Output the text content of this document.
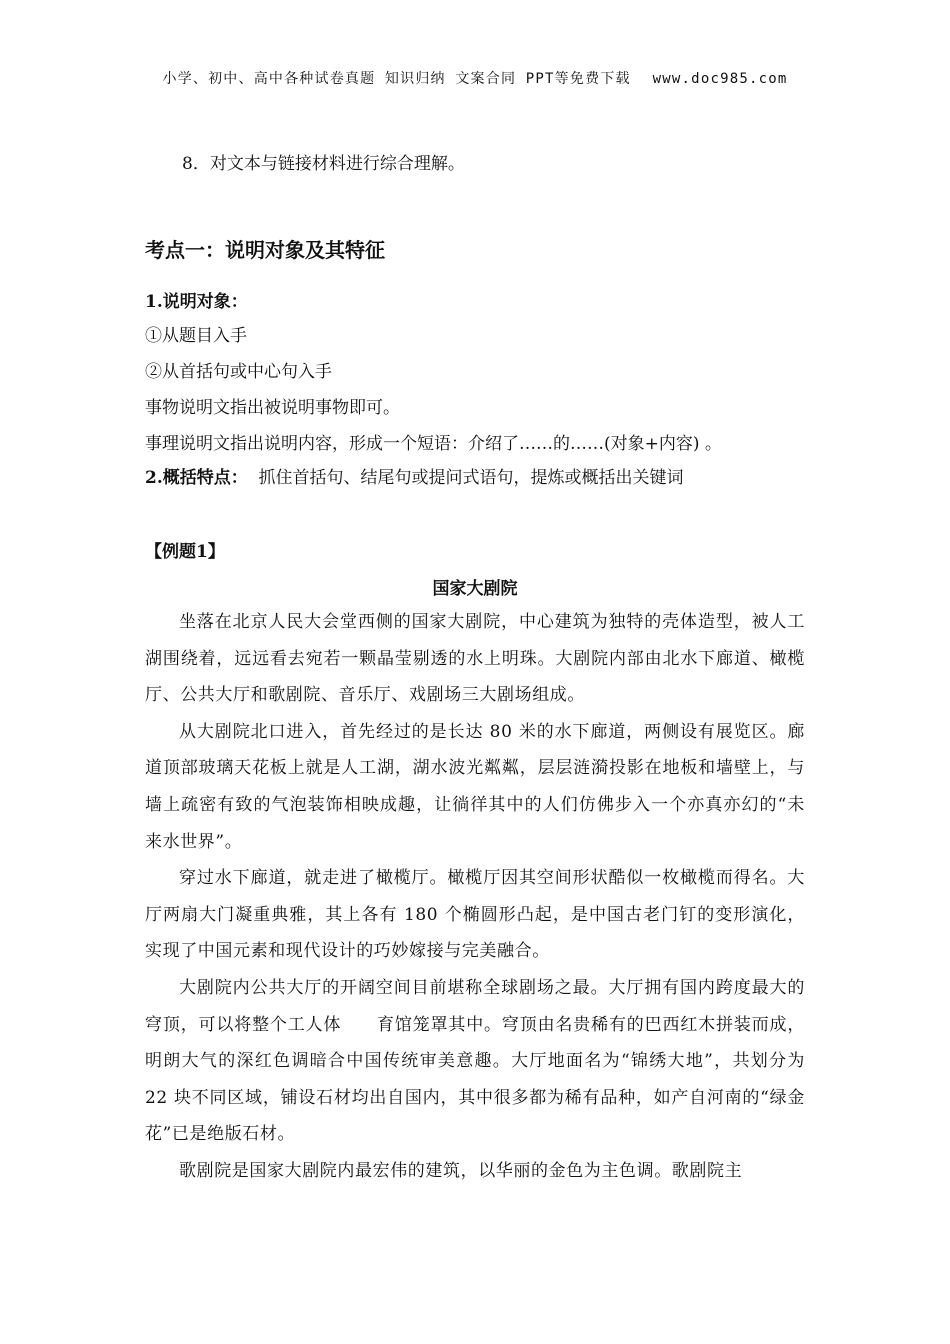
小学、初中、高中各种试卷真题 知识归纳 文案合同 PPT等免费下载 www.doc985.com
8．对文本与链接材料进行综合理解。
考点一：说明对象及其特征
1.说明对象：
①从题目入手
②从首括句或中心句入手
事物说明文指出被说明事物即可。
事理说明文指出说明内容，形成一个短语：介绍了……的……(对象+内容) 。
2.概括特点：  抓住首括句、结尾句或提问式语句，提炼或概括出关键词
【例题1】
国家大剧院

坐落在北京人民大会堂西侧的国家大剧院，中心建筑为独特的壳体造型，被人工湖围绕着，远远看去宛若一颗晶莹剔透的水上明珠。大剧院内部由北水下廊道、橄榄厅、公共大厅和歌剧院、音乐厅、戏剧场三大剧场组成。

从大剧院北口进入，首先经过的是长达 80 米的水下廊道，两侧设有展览区。廊道顶部玻璃天花板上就是人工湖，湖水波光粼粼，层层涟漪投影在地板和墙壁上，与墙上疏密有致的气泡装饰相映成趣，让徜徉其中的人们仿佛步入一个亦真亦幻的“未来水世界”。

穿过水下廊道，就走进了橄榄厅。橄榄厅因其空间形状酷似一枚橄榄而得名。大厅两扇大门凝重典雅，其上各有 180 个椭圆形凸起，是中国古老门钉的变形演化，实现了中国元素和现代设计的巧妙嫁接与完美融合。

大剧院内公共大厅的开阔空间目前堪称全球剧场之最。大厅拥有国内跨度最大的穹顶，可以将整个工人体　　育馆笼罩其中。穹顶由名贵稀有的巴西红木拼装而成，明朗大气的深红色调暗合中国传统审美意趣。大厅地面名为“锦绣大地”，共划分为 22 块不同区域，铺设石材均出自国内，其中很多都为稀有品种，如产自河南的“绿金花”已是绝版石材。

歌剧院是国家大剧院内最宏伟的建筑，以华丽的金色为主色调。歌剧院主
